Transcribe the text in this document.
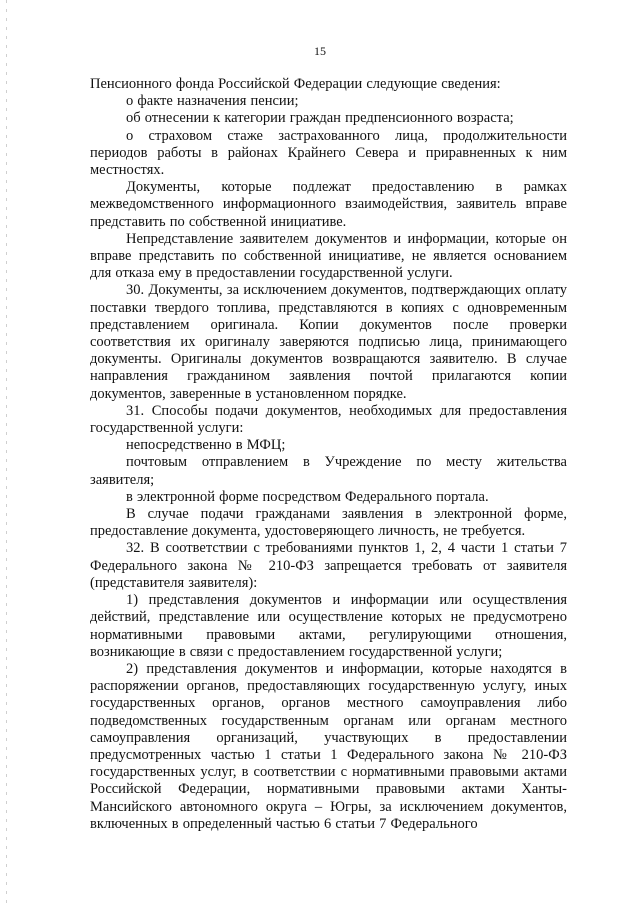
15

Пенсионного фонда Российской Федерации следующие сведения:

о факте назначения пенсии;

об отнесении к категории граждан предпенсионного возраста;

о страховом стаже застрахованного лица, продолжительности периодов работы в районах Крайнего Севера и приравненных к ним местностях.

Документы, которые подлежат предоставлению в рамках межведомственного информационного взаимодействия, заявитель вправе представить по собственной инициативе.

Непредставление заявителем документов и информации, которые он вправе представить по собственной инициативе, не является основанием для отказа ему в предоставлении государственной услуги.

30. Документы, за исключением документов, подтверждающих оплату поставки твердого топлива, представляются в копиях с одновременным представлением оригинала. Копии документов после проверки соответствия их оригиналу заверяются подписью лица, принимающего документы. Оригиналы документов возвращаются заявителю. В случае направления гражданином заявления почтой прилагаются копии документов, заверенные в установленном порядке.

31. Способы подачи документов, необходимых для предоставления государственной услуги:

непосредственно в МФЦ;

почтовым отправлением в Учреждение по месту жительства заявителя;

в электронной форме посредством Федерального портала.

В случае подачи гражданами заявления в электронной форме, предоставление документа, удостоверяющего личность, не требуется.

32. В соответствии с требованиями пунктов 1, 2, 4 части 1 статьи 7 Федерального закона № 210-ФЗ запрещается требовать от заявителя (представителя заявителя):

1) представления документов и информации или осуществления действий, представление или осуществление которых не предусмотрено нормативными правовыми актами, регулирующими отношения, возникающие в связи с предоставлением государственной услуги;

2) представления документов и информации, которые находятся в распоряжении органов, предоставляющих государственную услугу, иных государственных органов, органов местного самоуправления либо подведомственных государственным органам или органам местного самоуправления организаций, участвующих в предоставлении предусмотренных частью 1 статьи 1 Федерального закона № 210-ФЗ государственных услуг, в соответствии с нормативными правовыми актами Российской Федерации, нормативными правовыми актами Ханты-Мансийского автономного округа – Югры, за исключением документов, включенных в определенный частью 6 статьи 7 Федерального
